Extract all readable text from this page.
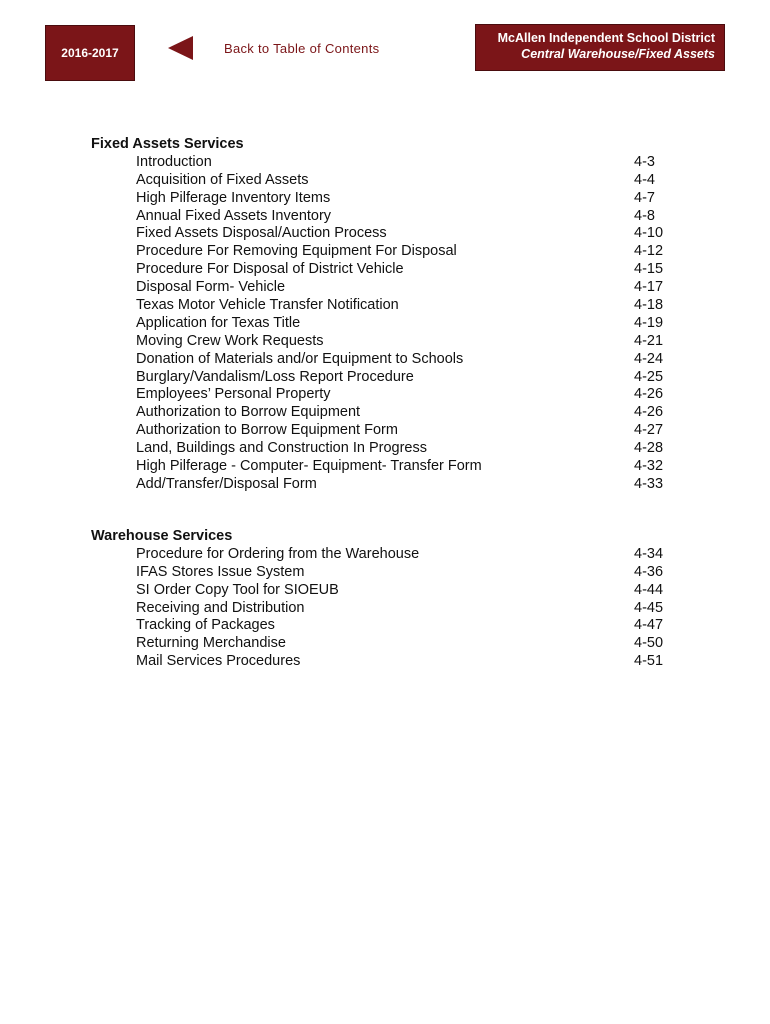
2016-2017	Back to Table of Contents
McAllen Independent School District
Central Warehouse/Fixed Assets
Fixed Assets Services
Introduction	4-3
Acquisition of Fixed Assets	4-4
High Pilferage Inventory Items	4-7
Annual Fixed Assets Inventory	4-8
Fixed Assets Disposal/Auction Process	4-10
Procedure For Removing Equipment For Disposal	4-12
Procedure For Disposal of District Vehicle	4-15
Disposal Form- Vehicle	4-17
Texas Motor Vehicle Transfer Notification	4-18
Application for Texas Title	4-19
Moving Crew Work Requests	4-21
Donation of Materials and/or Equipment to Schools	4-24
Burglary/Vandalism/Loss Report Procedure	4-25
Employees’ Personal Property	4-26
Authorization to Borrow Equipment	4-26
Authorization to Borrow Equipment Form	4-27
Land, Buildings and Construction In Progress	4-28
High Pilferage - Computer- Equipment- Transfer Form	4-32
Add/Transfer/Disposal Form	4-33
Warehouse Services
Procedure for Ordering from the Warehouse	4-34
IFAS Stores Issue System	4-36
SI Order Copy Tool for SIOEUB	4-44
Receiving and Distribution	4-45
Tracking of Packages	4-47
Returning Merchandise	4-50
Mail Services Procedures	4-51
